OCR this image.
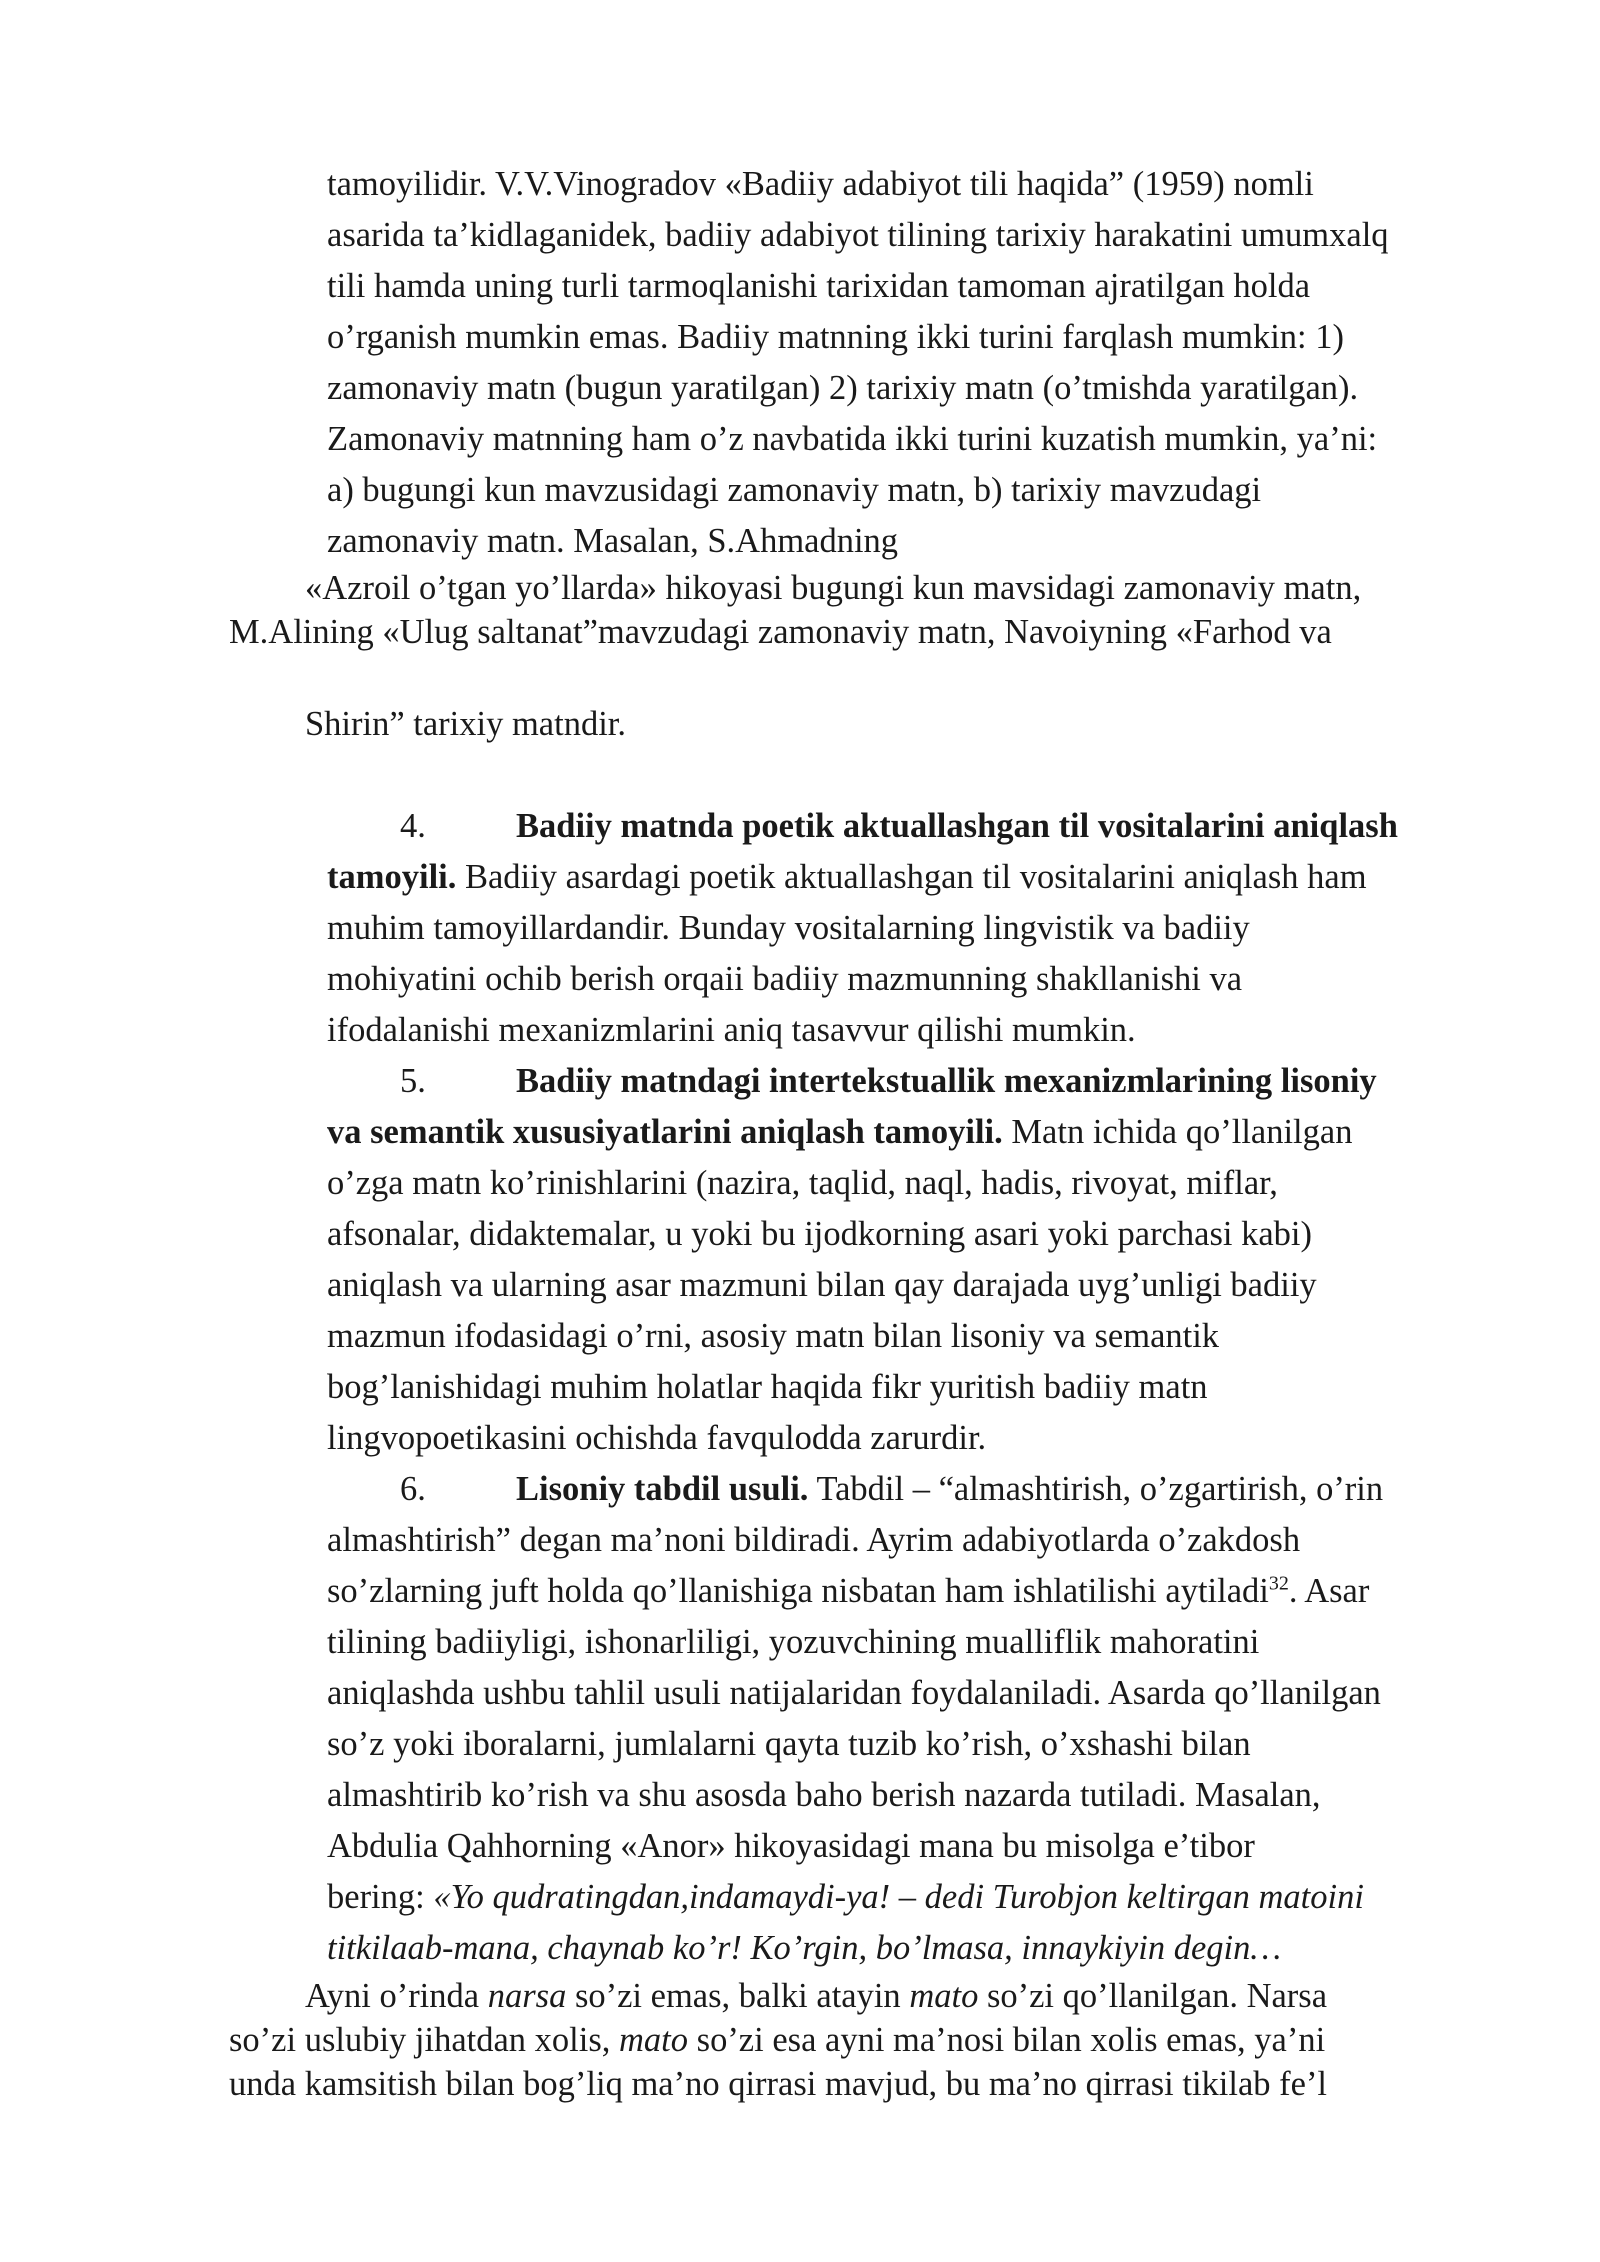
tamoyilidir. V.V.Vinogradov «Badiiy adabiyot tili haqida” (1959) nomli
asarida ta’kidlaganidek, badiiy adabiyot tilining tarixiy harakatini umumxalq
tili hamda uning turli tarmoqlanishi tarixidan tamoman ajratilgan holda
o’rganish mumkin emas. Badiiy matnning ikki turini farqlash mumkin: 1)
zamonaviy matn (bugun yaratilgan) 2) tarixiy matn (o’tmishda yaratilgan).
Zamonaviy matnning ham o’z navbatida ikki turini kuzatish mumkin, ya’ni:
a) bugungi kun mavzusidagi zamonaviy matn, b) tarixiy mavzudagi
zamonaviy matn. Masalan, S.Ahmadning
«Azroil o’tgan yo’llarda» hikoyasi bugungi kun mavsidagi zamonaviy matn,
M.Alining «Ulug saltanat”mavzudagi zamonaviy matn, Navoiyning «Farhod va
Shirin” tarixiy matndir.
4.	Badiiy matnda poetik aktuallashgan til vositalarini aniqlash
tamoyili. Badiiy asardagi poetik aktuallashgan til vositalarini aniqlash ham
muhim tamoyillardandir. Bunday vositalarning lingvistik va badiiy
mohiyatini ochib berish orqaii badiiy mazmunning shakllanishi va
ifodalanishi mexanizmlarini aniq tasavvur qilishi mumkin.
5.	Badiiy matndagi intertekstuallik mexanizmlarining lisoniy
va semantik xususiyatlarini aniqlash tamoyili. Matn ichida qo’llanilgan
o’zga matn ko’rinishlarini (nazira, taqlid, naql, hadis, rivoyat, miflar,
afsonalar, didaktemalar, u yoki bu ijodkorning asari yoki parchasi kabi)
aniqlash va ularning asar mazmuni bilan qay darajada uyg’unligi badiiy
mazmun ifodasidagi o’rni, asosiy matn bilan lisoniy va semantik
bog’lanishidagi muhim holatlar haqida fikr yuritish badiiy matn
lingvopoetikasini ochishda favqulodda zarurdir.
6.	Lisoniy tabdil usuli. Tabdil – “almashtirish, o’zgartirish, o’rin
almashtirish” degan ma’noni bildiradi. Ayrim adabiyotlarda o’zakdosh
so’zlarning juft holda qo’llanishiga nisbatan ham ishlatilishi aytiladi$^{32}$. Asar
tilining badiiyligi, ishonarliligi, yozuvchining mualliflik mahoratini
aniqlashda ushbu tahlil usuli natijalaridan foydalaniladi. Asarda qo’llanilgan
so’z yoki iboralarni, jumlalarni qayta tuzib ko’rish, o’xshashi bilan
almashtirib ko’rish va shu asosda baho berish nazarda tutiladi. Masalan,
Abdulia Qahhorning «Anor» hikoyasidagi mana bu misolga e’tibor
bering: «Yo qudratingdan,indamaydi-ya! – dedi Turobjon keltirgan matoini
titkilaab-mana, chaynab ko’r! Ko’rgin, bo’lmasa, innaykiyin degin…
Ayni o’rinda narsa so’zi emas, balki atayin mato so’zi qo’llanilgan. Narsa
so’zi uslubiy jihatdan xolis, mato so’zi esa ayni ma’nosi bilan xolis emas, ya’ni
unda kamsitish bilan bog’liq ma’no qirrasi mavjud, bu ma’no qirrasi tikilab fe’l
